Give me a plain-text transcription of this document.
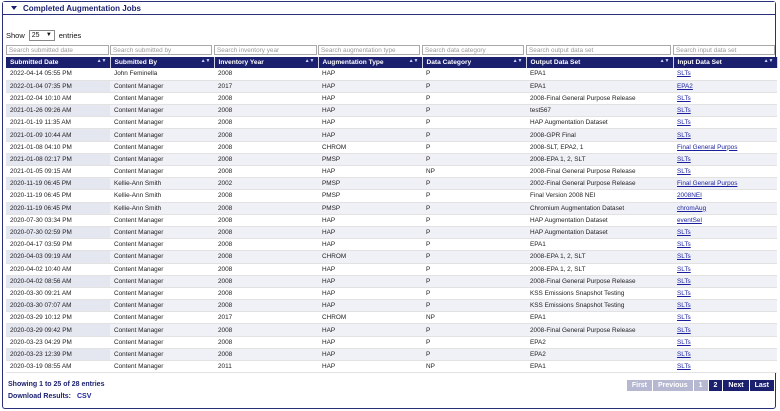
Completed Augmentation Jobs
Show 25 ▼ entries
Search submitted date	Search submitted by	Search inventory year	Search augmentation type	Search data category	Search output data set	Search input data set
Submitted Date ▲▼	Submitted By ▲▼	Inventory Year ▲▼	Augmentation Type ▲▼	Data Category ▲▼	Output Data Set ▲▼	Input Data Set ▲▼

2022-04-14 05:55 PM	John Feminella	2008	HAP	P	EPA1	SLTs
2022-01-04 07:35 PM	Content Manager	2017	HAP	P	EPA1	EPA2
2021-02-04 10:10 AM	Content Manager	2008	HAP	P	2008-Final General Purpose Release	SLTs
2021-01-26 09:26 AM	Content Manager	2008	HAP	P	test567	SLTs
2021-01-19 11:35 AM	Content Manager	2008	HAP	P	HAP Augmentation Dataset	SLTs
2021-01-09 10:44 AM	Content Manager	2008	HAP	P	2008-GPR Final	SLTs
2021-01-08 04:10 PM	Content Manager	2008	CHROM	P	2008-SLT, EPA2, 1	Final General Purpos
2021-01-08 02:17 PM	Content Manager	2008	PMSP	P	2008-EPA 1, 2, SLT	SLTs
2021-01-05 09:15 AM	Content Manager	2008	HAP	NP	2008-Final General Purpose Release	SLTs
2020-11-19 06:45 PM	Kellie-Ann Smith	2002	PMSP	P	2002-Final General Purpose Release	Final General Purpos
2020-11-19 06:45 PM	Kellie-Ann Smith	2008	PMSP	P	Final Version 2008 NEI	2008NEI
2020-11-19 06:45 PM	Kellie-Ann Smith	2008	PMSP	P	Chromium Augmentation Dataset	chromAug
2020-07-30 03:34 PM	Content Manager	2008	HAP	P	HAP Augmentation Dataset	eventSel
2020-07-30 02:59 PM	Content Manager	2008	HAP	P	HAP Augmentation Dataset	SLTs
2020-04-17 03:59 PM	Content Manager	2008	HAP	P	EPA1	SLTs
2020-04-03 09:19 AM	Content Manager	2008	CHROM	P	2008-EPA 1, 2, SLT	SLTs
2020-04-02 10:40 AM	Content Manager	2008	HAP	P	2008-EPA 1, 2, SLT	SLTs
2020-04-02 08:56 AM	Content Manager	2008	HAP	P	2008-Final General Purpose Release	SLTs
2020-03-30 09:21 AM	Content Manager	2008	HAP	P	KSS Emissions Snapshot Testing	SLTs
2020-03-30 07:07 AM	Content Manager	2008	HAP	P	KSS Emissions Snapshot Testing	SLTs
2020-03-29 10:12 PM	Content Manager	2017	CHROM	NP	EPA1	SLTs
2020-03-29 09:42 PM	Content Manager	2008	HAP	P	2008-Final General Purpose Release	SLTs
2020-03-23 04:29 PM	Content Manager	2008	HAP	P	EPA2	SLTs
2020-03-23 12:39 PM	Content Manager	2008	HAP	P	EPA2	SLTs
2020-03-19 08:55 AM	Content Manager	2011	HAP	NP	EPA1	SLTs
Showing 1 to 25 of 28 entries
Download Results: CSV
First	Previous	1	2	Next	Last
